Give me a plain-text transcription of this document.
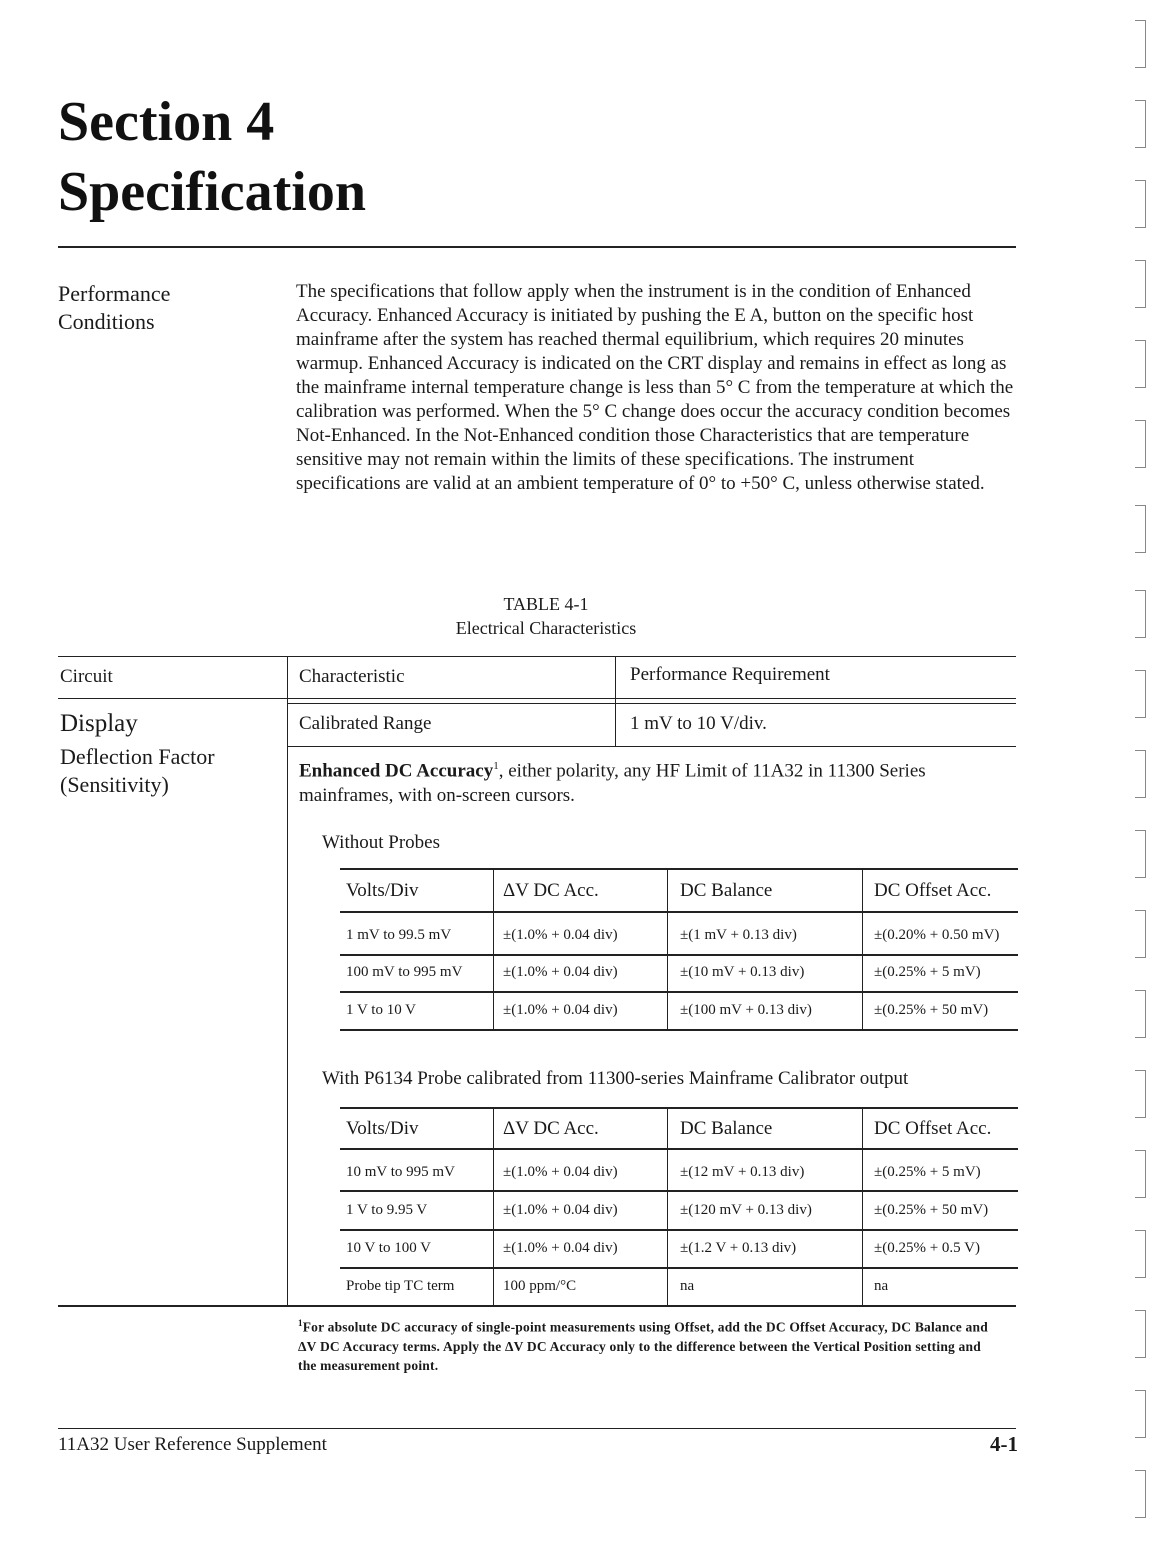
Section 4
Specification
Performance
Conditions
The specifications that follow apply when the instrument is in the condition of Enhanced Accuracy. Enhanced Accuracy is initiated by pushing the E A, button on the specific host mainframe after the system has reached thermal equilibrium, which requires 20 minutes warmup. Enhanced Accuracy is indicated on the CRT display and remains in effect as long as the mainframe internal temperature change is less than 5° C from the temperature at which the calibration was performed. When the 5° C change does occur the accuracy condition becomes Not-Enhanced. In the Not-Enhanced condition those Characteristics that are temperature sensitive may not remain within the limits of these specifications. The instrument specifications are valid at an ambient temperature of 0° to +50° C, unless otherwise stated.
TABLE 4-1
Electrical Characteristics
Circuit	Characteristic	Performance Requirement
Display
Deflection Factor
(Sensitivity)
Calibrated Range	1 mV to 10 V/div.
Enhanced DC Accuracy$^1$, either polarity, any HF Limit of 11A32 in 11300 Series
mainframes, with on-screen cursors.
Without Probes
Volts/Div	ΔV DC Acc.	DC Balance	DC Offset Acc.
1 mV to 99.5 mV	±(1.0% + 0.04 div)	±(1 mV + 0.13 div)	±(0.20% + 0.50 mV)
100 mV to 995 mV	±(1.0% + 0.04 div)	±(10 mV + 0.13 div)	±(0.25% + 5 mV)
1 V to 10 V	±(1.0% + 0.04 div)	±(100 mV + 0.13 div)	±(0.25% + 50 mV)
With P6134 Probe calibrated from 11300-series Mainframe Calibrator output
Volts/Div	ΔV DC Acc.	DC Balance	DC Offset Acc.
10 mV to 995 mV	±(1.0% + 0.04 div)	±(12 mV + 0.13 div)	±(0.25% + 5 mV)
1 V to 9.95 V	±(1.0% + 0.04 div)	±(120 mV + 0.13 div)	±(0.25% + 50 mV)
10 V to 100 V	±(1.0% + 0.04 div)	±(1.2 V + 0.13 div)	±(0.25% + 0.5 V)
Probe tip TC term	100 ppm/°C	na	na
$^1$For absolute DC accuracy of single-point measurements using Offset, add the DC Offset Accuracy, DC Balance and ΔV DC Accuracy terms. Apply the ΔV DC Accuracy only to the difference between the Vertical Position setting and the measurement point.
11A32 User Reference Supplement	4-1
